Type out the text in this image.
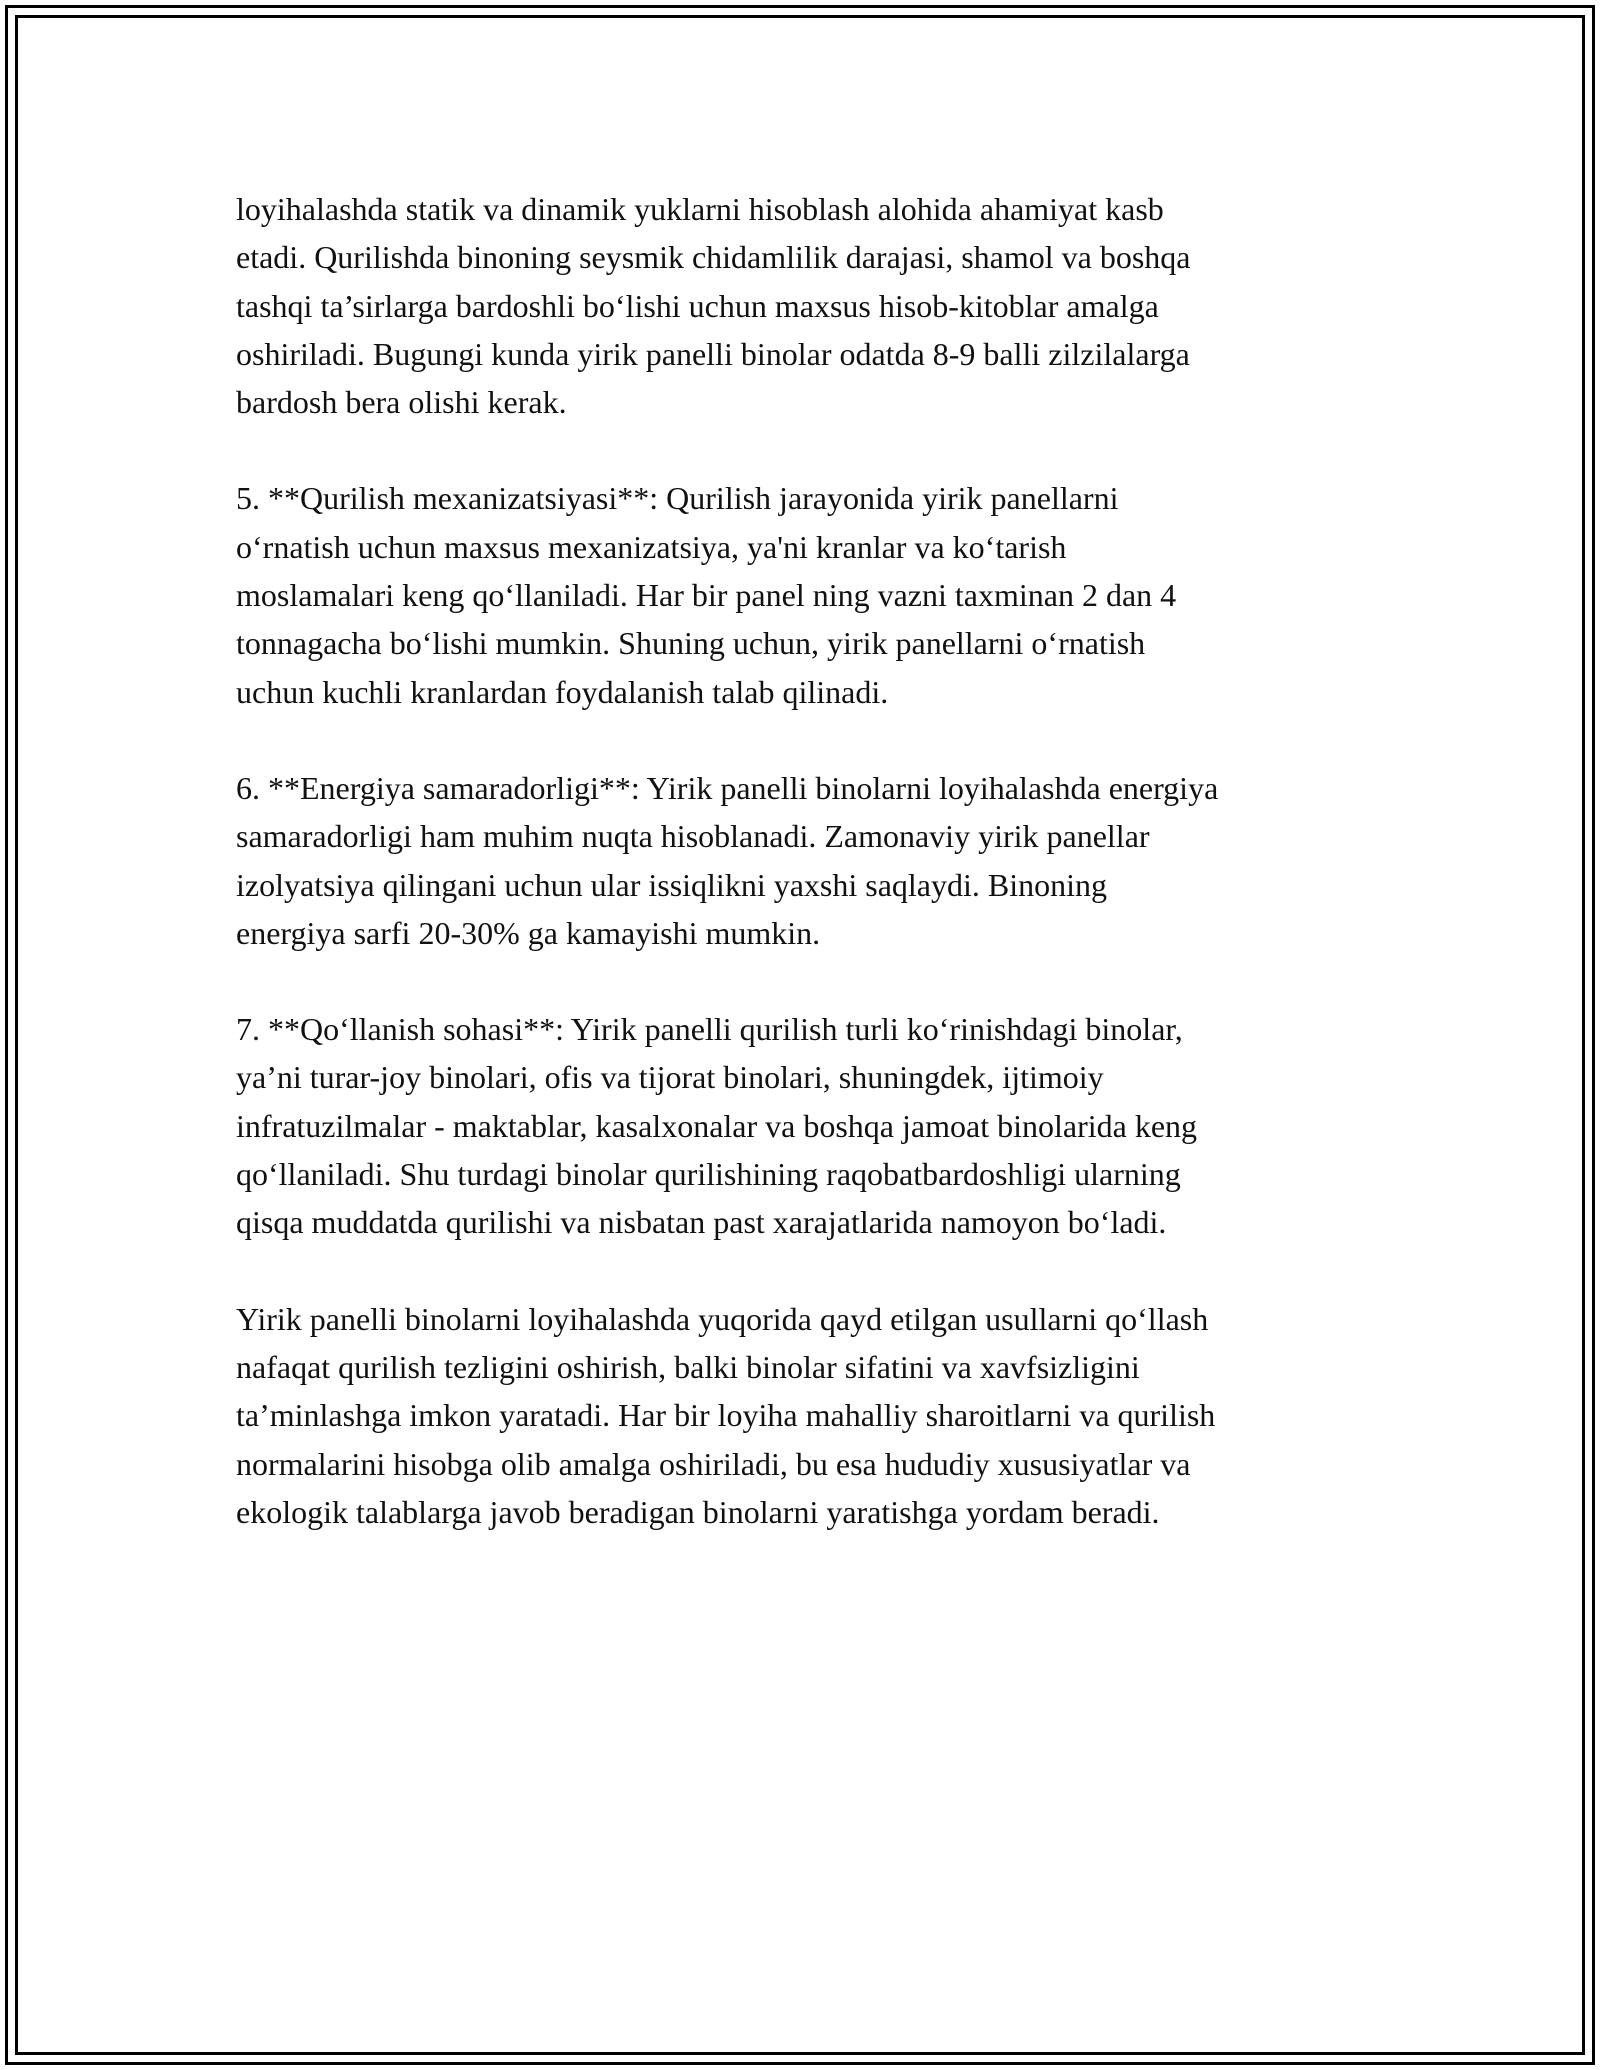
loyihalashda statik va dinamik yuklarni hisoblash alohida ahamiyat kasb
etadi. Qurilishda binoning seysmik chidamlilik darajasi, shamol va boshqa
tashqi ta’sirlarga bardoshli bo‘lishi uchun maxsus hisob-kitoblar amalga
oshiriladi. Bugungi kunda yirik panelli binolar odatda 8-9 balli zilzilalarga
bardosh bera olishi kerak.

5. **Qurilish mexanizatsiyasi**: Qurilish jarayonida yirik panellarni
o‘rnatish uchun maxsus mexanizatsiya, ya'ni kranlar va ko‘tarish
moslamalari keng qo‘llaniladi. Har bir panel ning vazni taxminan 2 dan 4
tonnagacha bo‘lishi mumkin. Shuning uchun, yirik panellarni o‘rnatish
uchun kuchli kranlardan foydalanish talab qilinadi.

6. **Energiya samaradorligi**: Yirik panelli binolarni loyihalashda energiya
samaradorligi ham muhim nuqta hisoblanadi. Zamonaviy yirik panellar
izolyatsiya qilingani uchun ular issiqlikni yaxshi saqlaydi. Binoning
energiya sarfi 20-30% ga kamayishi mumkin.

7. **Qo‘llanish sohasi**: Yirik panelli qurilish turli ko‘rinishdagi binolar,
ya’ni turar-joy binolari, ofis va tijorat binolari, shuningdek, ijtimoiy
infratuzilmalar - maktablar, kasalxonalar va boshqa jamoat binolarida keng
qo‘llaniladi. Shu turdagi binolar qurilishining raqobatbardoshligi ularning
qisqa muddatda qurilishi va nisbatan past xarajatlarida namoyon bo‘ladi.

Yirik panelli binolarni loyihalashda yuqorida qayd etilgan usullarni qo‘llash
nafaqat qurilish tezligini oshirish, balki binolar sifatini va xavfsizligini
ta’minlashga imkon yaratadi. Har bir loyiha mahalliy sharoitlarni va qurilish
normalarini hisobga olib amalga oshiriladi, bu esa hududiy xususiyatlar va
ekologik talablarga javob beradigan binolarni yaratishga yordam beradi.
